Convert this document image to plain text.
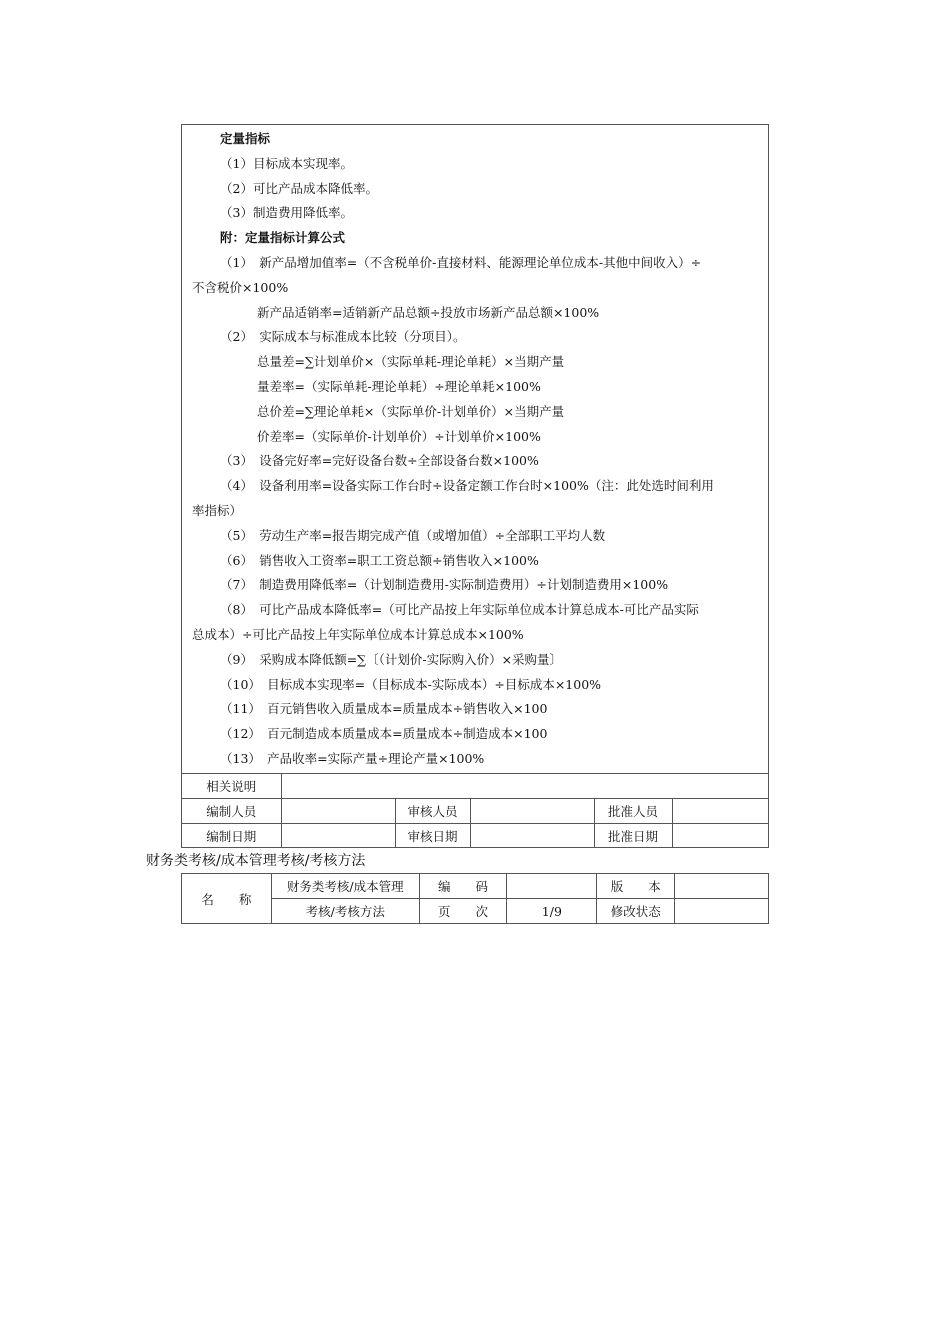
定量指标
（1）目标成本实现率。
（2）可比产品成本降低率。
（3）制造费用降低率。
附：定量指标计算公式
（1）　新产品增加值率=（不含税单价-直接材料、能源理论单位成本-其他中间收入）÷
不含税价×100%
新产品适销率=适销新产品总额÷投放市场新产品总额×100%
（2）　实际成本与标准成本比较（分项目）。
总量差=∑计划单价×（实际单耗-理论单耗）×当期产量
量差率=（实际单耗-理论单耗）÷理论单耗×100%
总价差=∑理论单耗×（实际单价-计划单价）×当期产量
价差率=（实际单价-计划单价）÷计划单价×100%
（3）　设备完好率=完好设备台数÷全部设备台数×100%
（4）　设备利用率=设备实际工作台时÷设备定额工作台时×100%（注：此处选时间利用
率指标）
（5）　劳动生产率=报告期完成产值（或增加值）÷全部职工平均人数
（6）　销售收入工资率=职工工资总额÷销售收入×100%
（7）　制造费用降低率=（计划制造费用-实际制造费用）÷计划制造费用×100%
（8）　可比产品成本降低率=（可比产品按上年实际单位成本计算总成本-可比产品实际
总成本）÷可比产品按上年实际单位成本计算总成本×100%
（9）　采购成本降低额=∑〔（计划价-实际购入价）×采购量〕
（10）　目标成本实现率=（目标成本-实际成本）÷目标成本×100%
（11）　百元销售收入质量成本=质量成本÷销售收入×100
（12）　百元制造成本质量成本=质量成本÷制造成本×100
（13）　产品收率=实际产量÷理论产量×100%
相关说明					
编制人员		审核人员		批准人员	
编制日期		审核日期		批准日期	
财务类考核/成本管理考核/考核方法
名　　称	财务类考核/成本管理	编　　码		版　　本	
	考核/考核方法	页　　次	1/9	修改状态	
